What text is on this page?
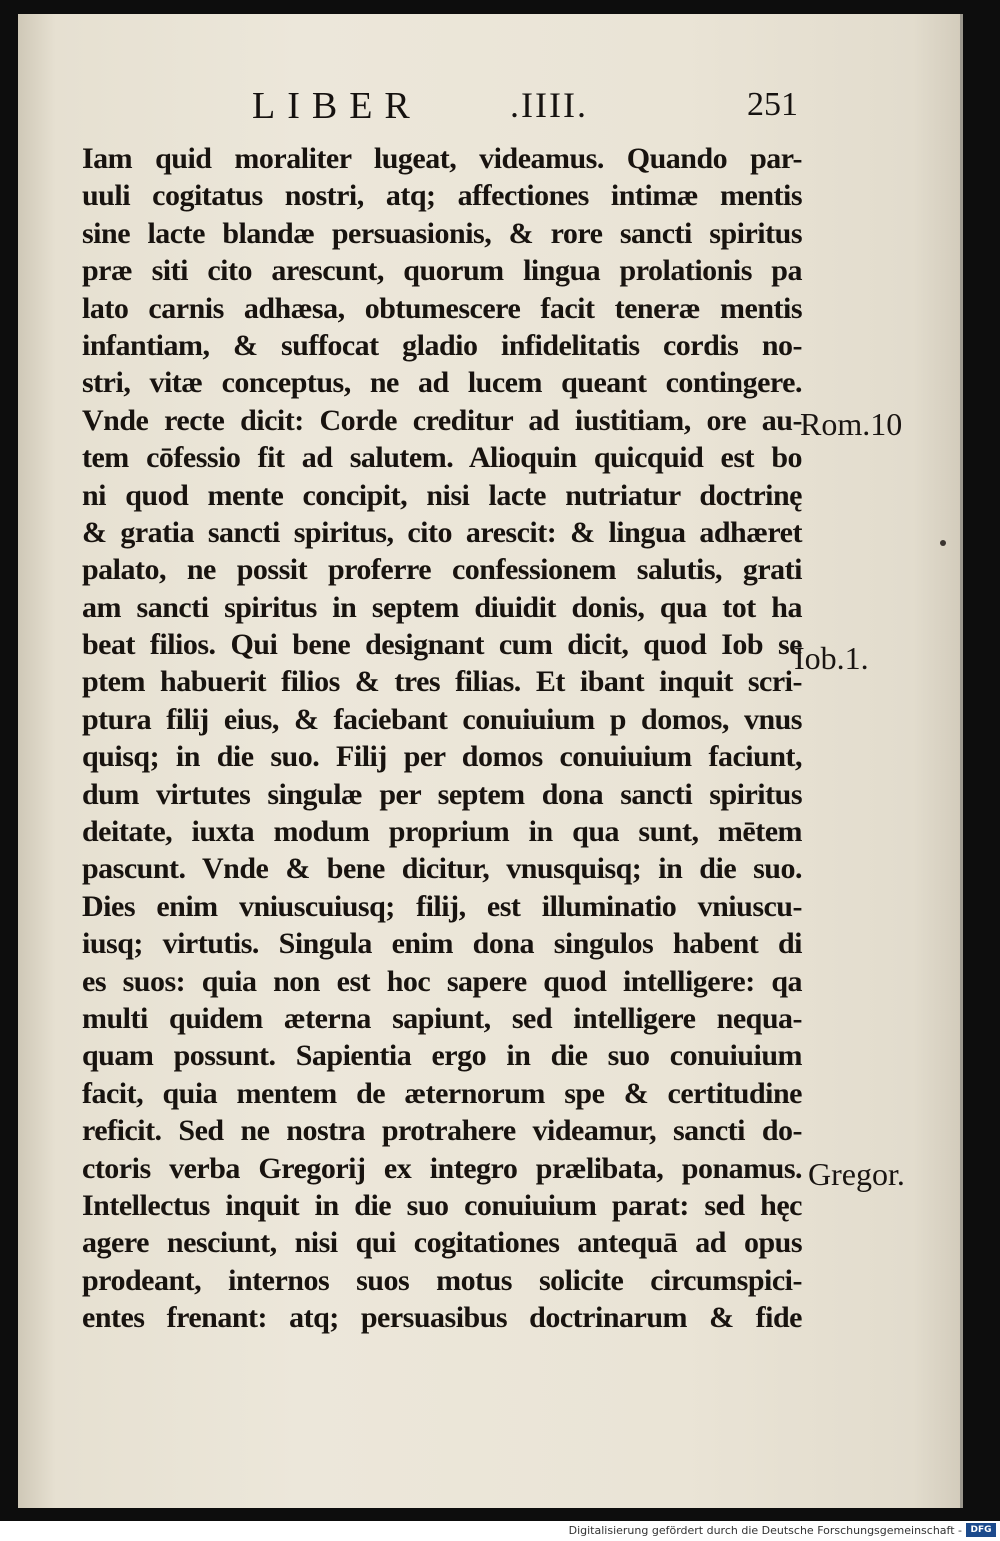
LIBER .IIII.	251
Iam quid moraliter lugeat, videamus. Quando par-
uuli cogitatus nostri, atq; affectiones intimæ mentis
sine lacte blandæ persuasionis, & rore sancti spiritus
præ siti cito arescunt, quorum lingua prolationis pa
lato carnis adhæsa, obtumescere facit teneræ mentis
infantiam, & suffocat gladio infidelitatis cordis no-
stri, vitæ conceptus, ne ad lucem queant contingere.
Vnde recte dicit: Corde creditur ad iustitiam, ore au-
tem cōfessio fit ad salutem. Alioquin quicquid est bo
ni quod mente concipit, nisi lacte nutriatur doctrinę
& gratia sancti spiritus, cito arescit: & lingua adhæret
palato, ne possit proferre confessionem salutis, grati
am sancti spiritus in septem diuidit donis, qua tot ha
beat filios. Qui bene designant cum dicit, quod Iob se
ptem habuerit filios & tres filias. Et ibant inquit scri-
ptura filij eius, & faciebant conuiuium p domos, vnus
quisq; in die suo. Filij per domos conuiuium faciunt,
dum virtutes singulæ per septem dona sancti spiritus
deitate, iuxta modum proprium in qua sunt, mētem
pascunt. Vnde & bene dicitur, vnusquisq; in die suo.
Dies enim vniuscuiusq; filij, est illuminatio vniuscu-
iusq; virtutis. Singula enim dona singulos habent di
es suos: quia non est hoc sapere quod intelligere: qa
multi quidem æterna sapiunt, sed intelligere nequa-
quam possunt. Sapientia ergo in die suo conuiuium
facit, quia mentem de æternorum spe & certitudine
reficit. Sed ne nostra protrahere videamur, sancti do-
ctoris verba Gregorij ex integro prælibata, ponamus.
Intellectus inquit in die suo conuiuium parat: sed hęc
agere nesciunt, nisi qui cogitationes antequā ad opus
prodeant, internos suos motus solicite circumspici-
entes frenant: atq; persuasibus doctrinarum & fide
Rom.10
Iob.1.
Gregor.
Digitalisierung gefördert durch die Deutsche Forschungsgemeinschaft - DFG
